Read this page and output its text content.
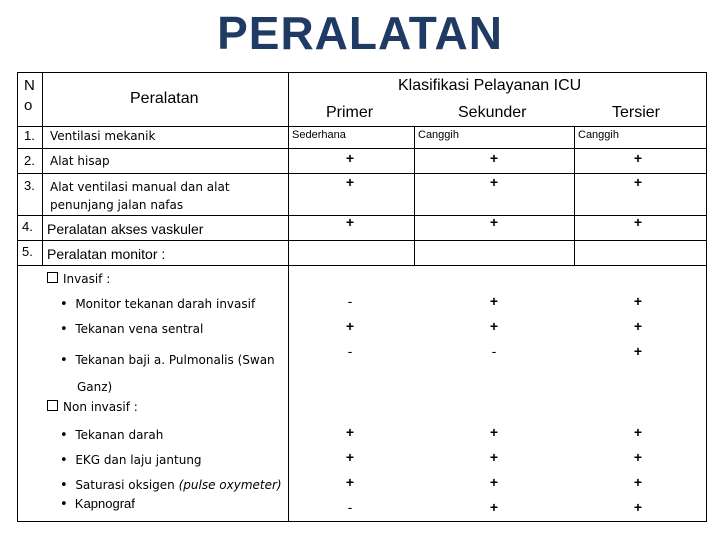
PERALATAN
N
o	Peralatan
Klasifikasi Pelayanan ICU
Primer	Sekunder	Tersier
1. Ventilasi mekanik	Sederhana	Canggih	Canggih
2. Alat hisap	+	+	+
3. Alat ventilasi manual dan alat
penunjang jalan nafas
+	+	+
4. Peralatan akses vaskuler	+	+	+
5. Peralatan monitor :
Invasif :
• Monitor tekanan darah invasif	-	+	+
• Tekanan vena sentral	+	+	+
• Tekanan baji a. Pulmonalis (Swan
Ganz)
-	-	+
Non invasif :
• Tekanan darah	+	+	+
• EKG dan laju jantung	+	+	+
• Saturasi oksigen (pulse oxymeter)	+	+	+
• Kapnograf	-	+	+
